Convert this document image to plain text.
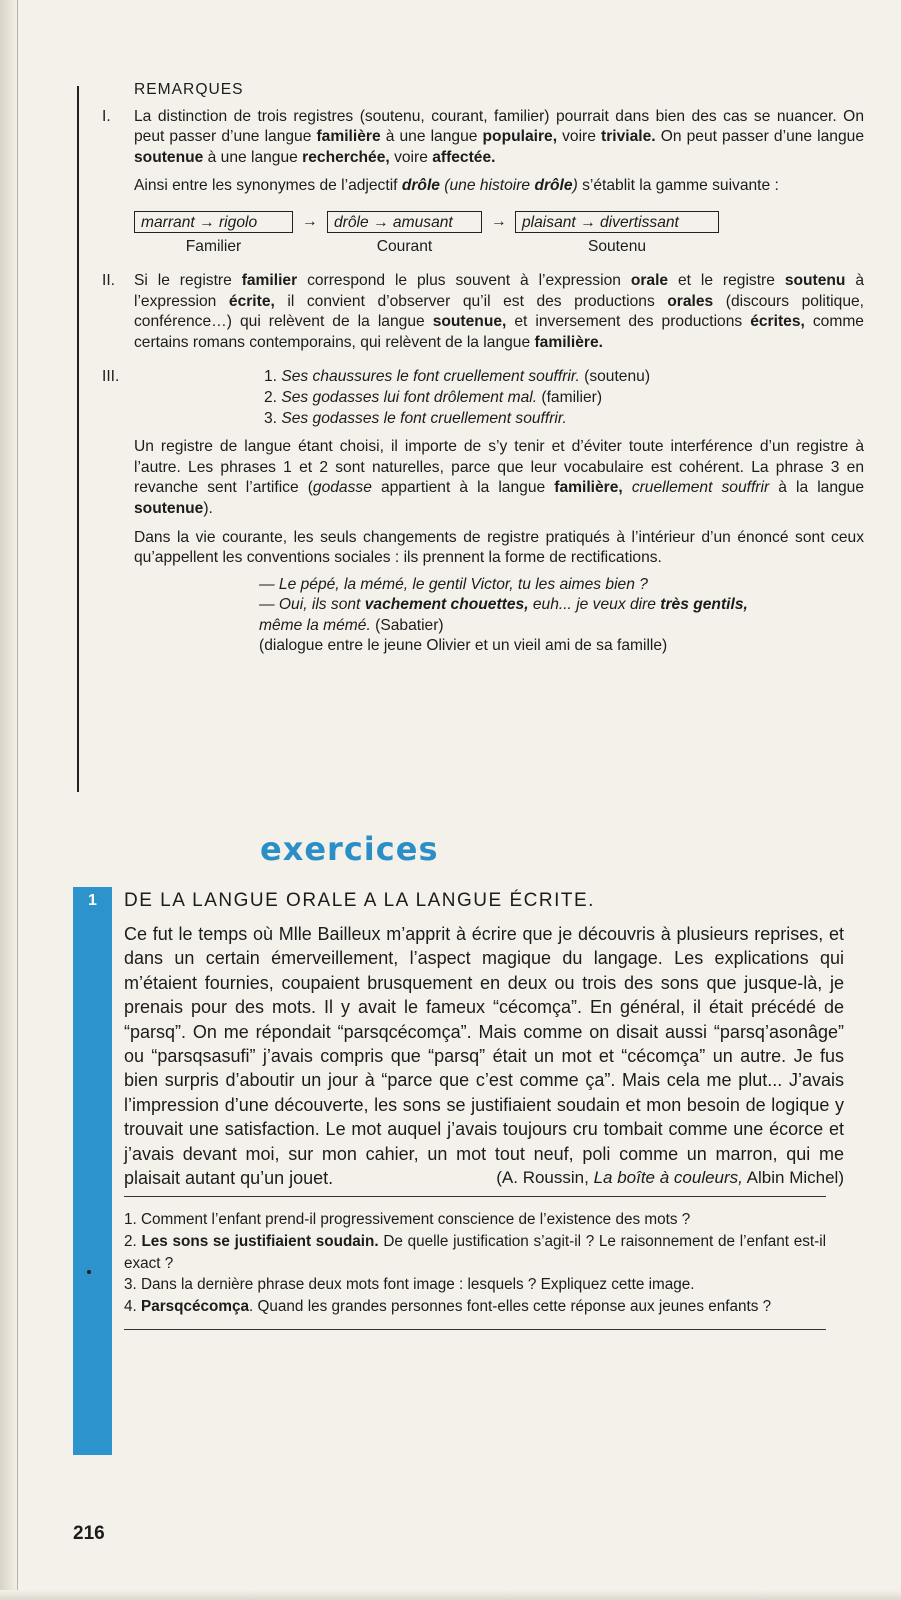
REMARQUES
I. La distinction de trois registres (soutenu, courant, familier) pourrait dans bien des cas se nuancer. On peut passer d’une langue familière à une langue populaire, voire triviale. On peut passer d’une langue soutenue à une langue recherchée, voire affectée.

Ainsi entre les synonymes de l’adjectif drôle (une histoire drôle) s’établit la gamme suivante :

marrant → rigolo	→	drôle → amusant	→ plaisant → divertissant
Familier	Courant	Soutenu
II. Si le registre familier correspond le plus souvent à l’expression orale et le registre soutenu à l’expression écrite, il convient d’observer qu’il est des productions orales (discours politique, conférence…) qui relèvent de la langue soutenue, et inversement des productions écrites, comme certains romans contemporains, qui relèvent de la langue familière.

III.	1. Ses chaussures le font cruellement souffrir. (soutenu)
2. Ses godasses lui font drôlement mal. (familier)
3. Ses godasses le font cruellement souffrir.

Un registre de langue étant choisi, il importe de s’y tenir et d’éviter toute interférence d’un registre à l’autre. Les phrases 1 et 2 sont naturelles, parce que leur vocabulaire est cohérent. La phrase 3 en revanche sent l’artifice (godasse appartient à la langue familière, cruellement souffrir à la langue soutenue).

Dans la vie courante, les seuls changements de registre pratiqués à l’intérieur d’un énoncé sont ceux qu’appellent les conventions sociales : ils prennent la forme de rectifications.

— Le pépé, la mémé, le gentil Victor, tu les aimes bien ?
— Oui, ils sont vachement chouettes, euh... je veux dire très gentils,
même la mémé. (Sabatier)
(dialogue entre le jeune Olivier et un vieil ami de sa famille)
exercices
1	DE LA LANGUE ORALE A LA LANGUE ÉCRITE.
Ce fut le temps où Mlle Bailleux m’apprit à écrire que je découvris à plusieurs reprises, et dans un certain émerveillement, l’aspect magique du langage. Les explications qui m’étaient fournies, coupaient brusquement en deux ou trois des sons que jusque-là, je prenais pour des mots. Il y avait le fameux “cécomça”. En général, il était précédé de “parsq”. On me répondait “parsqcécomça”. Mais comme on disait aussi “parsq’asonâge” ou “parsqsasufi” j’avais compris que “parsq” était un mot et “cécomça” un autre. Je fus bien surpris d’aboutir un jour à “parce que c’est comme ça”. Mais cela me plut... J’avais l’impression d’une découverte, les sons se justifiaient soudain et mon besoin de logique y trouvait une satisfaction. Le mot auquel j’avais toujours cru tombait comme une écorce et j’avais devant moi, sur mon cahier, un mot tout neuf, poli comme un marron, qui me plaisait autant qu’un jouet.	(A. Roussin, La boîte à couleurs, Albin Michel)

1. Comment l’enfant prend-il progressivement conscience de l’existence des mots ?

2. Les sons se justifiaient soudain. De quelle justification s’agit-il ? Le raisonnement de l’enfant est-il exact ?

3. Dans la dernière phrase deux mots font image : lesquels ? Expliquez cette image.

4. Parsqcécomça. Quand les grandes personnes font-elles cette réponse aux jeunes enfants ?

216
